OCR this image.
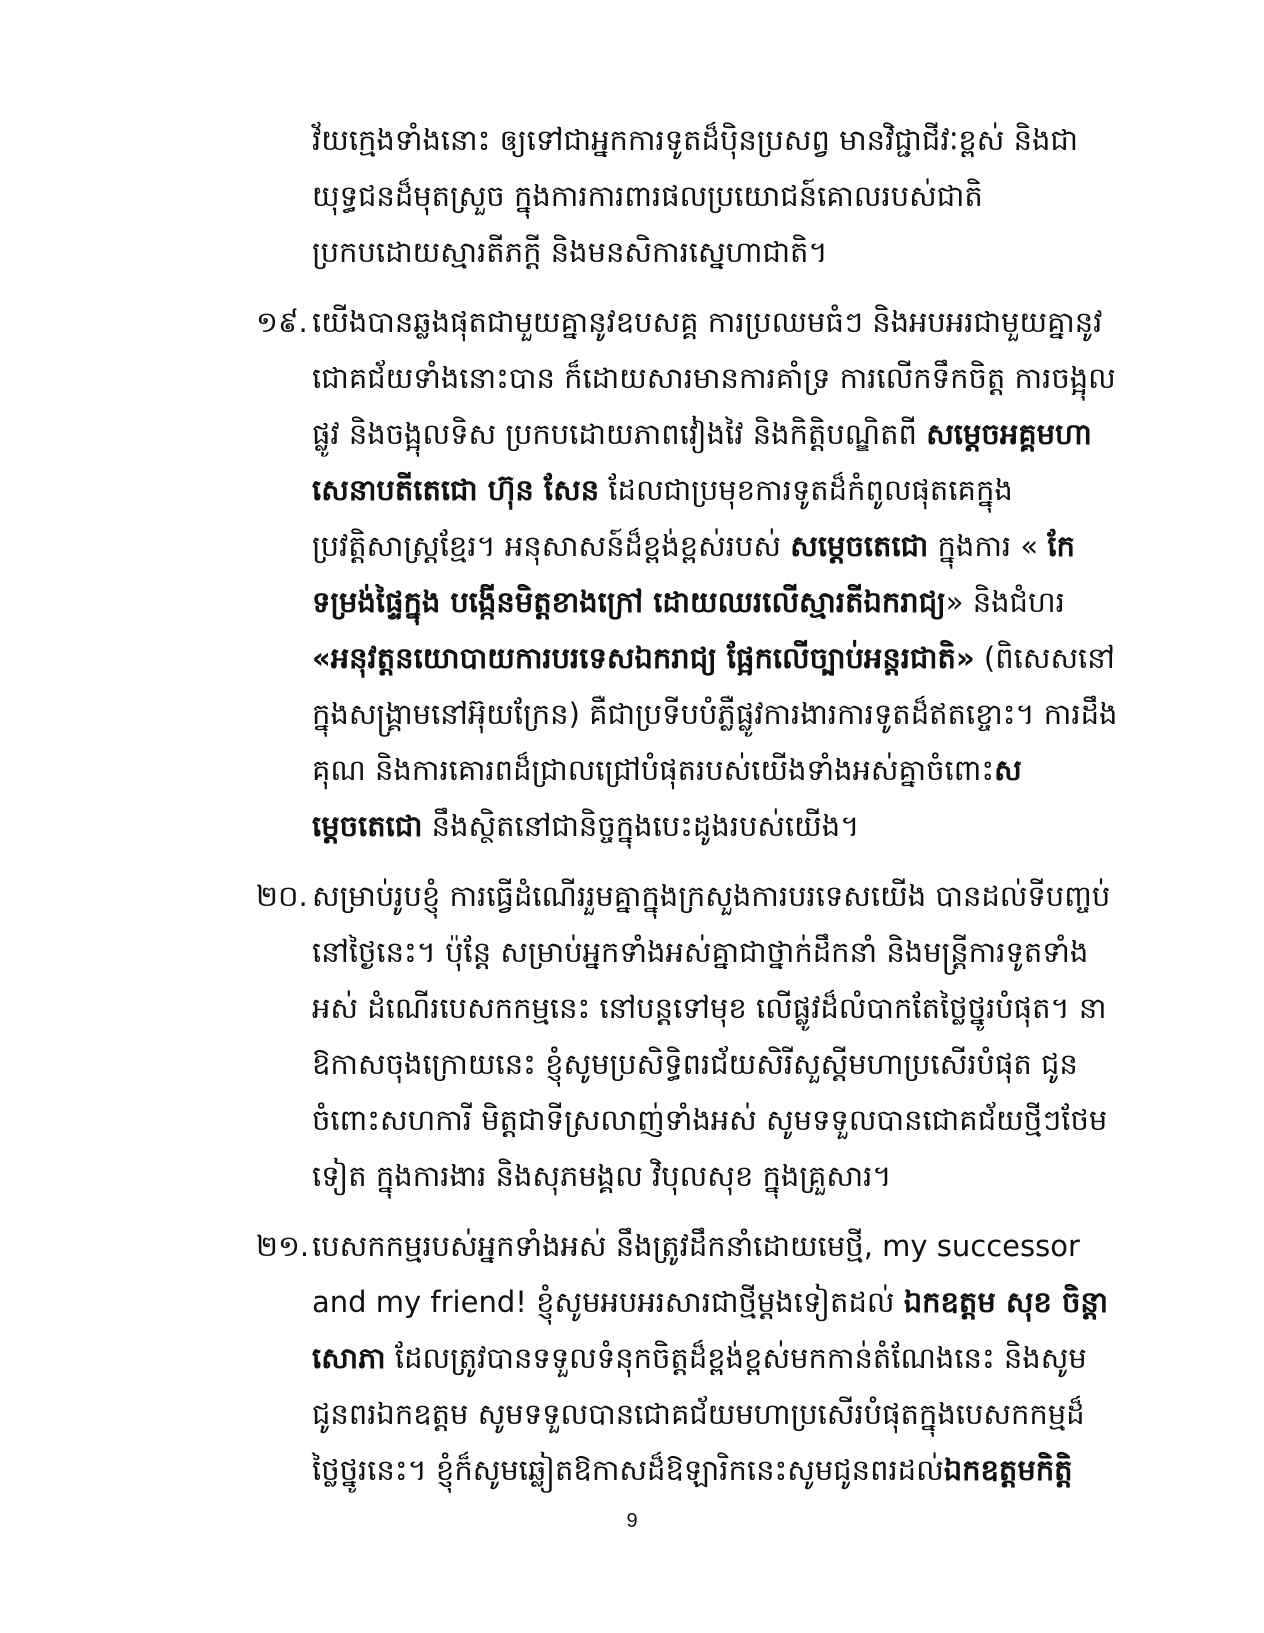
វ័យក្មេងទាំងនោះ ឲ្យទៅជាអ្នកការទូតដ៏ប៉ិនប្រសព្វ មានវិជ្ជាជីវៈខ្ពស់ និងជាយុទ្ធជនដ៏មុតស្រួច ក្នុងការការពារផលប្រយោជន៍គោលរបស់ជាតិ ប្រកបដោយស្មារតីភក្តី និងមនសិការស្នេហាជាតិ។

១៩. យើងបានឆ្លងផុតជាមួយគ្នានូវឧបសគ្គ ការប្រឈមធំៗ និងអបអរជាមួយគ្នានូវជោគជ័យទាំងនោះបាន ក៏ដោយសារមានការគាំទ្រ ការលើកទឹកចិត្ត ការចង្អុលផ្លូវ និងចង្អុលទិស ប្រកបដោយភាពវៀងវៃ និងកិត្តិបណ្ឌិតពី សម្តេចអគ្គមហាសេនាបតីតេជោ ហ៊ុន សែន ដែលជាប្រមុខការទូតដ៏កំពូលផុតគេក្នុងប្រវត្តិសាស្ត្រខ្មែរ។ អនុសាសន៍ដ៏ខ្ពង់ខ្ពស់របស់ សម្តេចតេជោ ក្នុងការ « កែទម្រង់ផ្ទៃក្នុង បង្កើនមិត្តខាងក្រៅ ដោយឈរលើស្មារតីឯករាជ្យ» និងជំហរ «អនុវត្តនយោបាយការបរទេសឯករាជ្យ ផ្អែកលើច្បាប់អន្តរជាតិ» (ពិសេសនៅក្នុងសង្គ្រាមនៅអ៊ុយក្រែន) គឺជាប្រទីបបំភ្លឺផ្លូវការងារការទូតដ៏ឥតខ្ចោះ។ ការដឹងគុណ និងការគោរពដ៏ជ្រាលជ្រៅបំផុតរបស់យើងទាំងអស់គ្នាចំពោះសម្តេចតេជោ នឹងស្ថិតនៅជានិច្ចក្នុងបេះដូងរបស់យើង។

២០. សម្រាប់រូបខ្ញុំ ការធ្វើដំណើររួមគ្នាក្នុងក្រសួងការបរទេសយើង បានដល់ទីបញ្ចប់នៅថ្ងៃនេះ។ ប៉ុន្តែ សម្រាប់អ្នកទាំងអស់គ្នាជាថ្នាក់ដឹកនាំ និងមន្ត្រីការទូតទាំងអស់ ដំណើរបេសកកម្មនេះ នៅបន្តទៅមុខ លើផ្លូវដ៏លំបាកតែថ្លៃថ្នូរបំផុត។ នាឱកាសចុងក្រោយនេះ ខ្ញុំសូមប្រសិទ្ធិពរជ័យសិរីសួស្តីមហាប្រសើរបំផុត ជូនចំពោះសហការី មិត្តជាទីស្រលាញ់ទាំងអស់ សូមទទួលបានជោគជ័យថ្មីៗថែមទៀត ក្នុងការងារ និងសុភមង្គល វិបុលសុខ ក្នុងគ្រួសារ។

២១. បេសកកម្មរបស់អ្នកទាំងអស់ នឹងត្រូវដឹកនាំដោយមេថ្មី, my successor and my friend! ខ្ញុំសូមអបអរសារជាថ្មីម្តងទៀតដល់ ឯកឧត្តម សុខ ចិន្តាសោភា ដែលត្រូវបានទទួលទំនុកចិត្តដ៏ខ្ពង់ខ្ពស់មកកាន់តំណែងនេះ និងសូមជូនពរឯកឧត្តម សូមទទួលបានជោគជ័យមហាប្រសើរបំផុតក្នុងបេសកកម្មដ៏ថ្លៃថ្នូរនេះ។ ខ្ញុំក៏សូមឆ្លៀតឱកាសដ៏ឱឡារិកនេះសូមជូនពរដល់ឯកឧត្តមកិត្តិ

9
